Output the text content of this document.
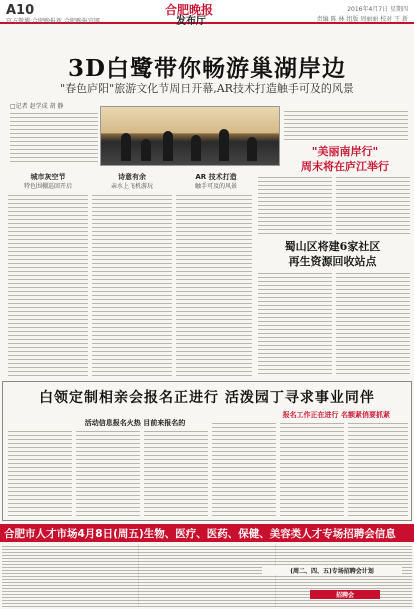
A10
官方微博:合肥晚报新 合肥晚报官网
合肥晚报
发布厅
2016年4月7日 星期四
责编 陈 林 组版 周丽丽 校对 王 新
3D白鹭带你畅游巢湖岸边
"春色庐阳"旅游文化节周日开幕,AR技术打造触手可及的风景
□记者 赵学成 胡 静
城市灰空节
特色围棚巡回开启
诗意有余
亲水上飞机游玩
AR 技术打造
触手可及的风景
"美丽南岸行"
周末将在庐江举行
蜀山区将建6家社区
再生资源回收站点
白领定制相亲会报名正进行 活泼园丁寻求事业同伴
报名工作正在进行 名额紧俏要抓紧
活动信息报名火热 目前来报名的
合肥市人才市场4月8日(周五)生物、医疗、医药、保健、美容类人才专场招聘会信息
(周二、四、五)专场招聘会计划
招聘会
